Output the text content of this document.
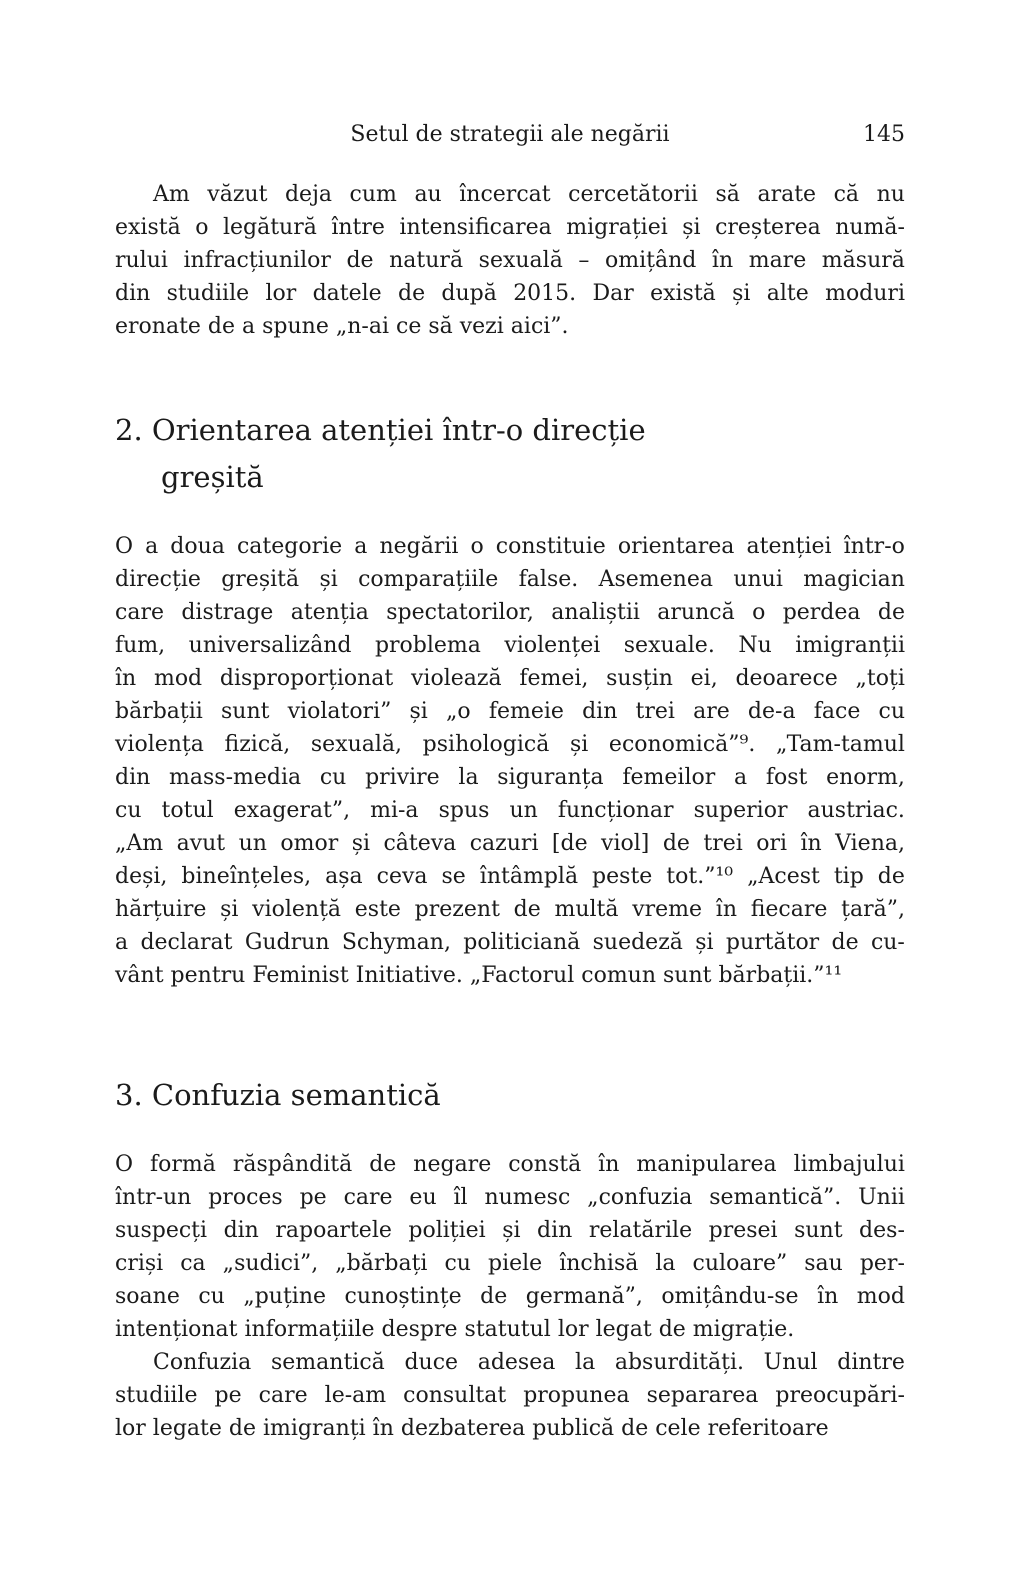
Setul de strategii ale negării	145
Am văzut deja cum au încercat cercetătorii să arate că nu
există o legătură între intensificarea migrației și creșterea numă-
rului infracțiunilor de natură sexuală – omițând în mare măsură
din studiile lor datele de după 2015. Dar există și alte moduri
eronate de a spune „n-ai ce să vezi aici”.
2. Orientarea atenției într-o direcție
greșită
O a doua categorie a negării o constituie orientarea atenției într-o
direcție greșită și comparațiile false. Asemenea unui magician
care distrage atenția spectatorilor, analiștii aruncă o perdea de
fum, universalizând problema violenței sexuale. Nu imigranții
în mod disproporționat violează femei, susțin ei, deoarece „toți
bărbații sunt violatori” și „o femeie din trei are de-a face cu
violența fizică, sexuală, psihologică și economică”⁹. „Tam-tamul
din mass-media cu privire la siguranța femeilor a fost enorm,
cu totul exagerat”, mi-a spus un funcționar superior austriac.
„Am avut un omor și câteva cazuri [de viol] de trei ori în Viena,
deși, bineînțeles, așa ceva se întâmplă peste tot.”¹⁰ „Acest tip de
hărțuire și violență este prezent de multă vreme în fiecare țară”,
a declarat Gudrun Schyman, politiciană suedeză și purtător de cu-
vânt pentru Feminist Initiative. „Factorul comun sunt bărbații.”¹¹
3. Confuzia semantică
O formă răspândită de negare constă în manipularea limbajului
într-un proces pe care eu îl numesc „confuzia semantică”. Unii
suspecți din rapoartele poliției și din relatările presei sunt des-
criși ca „sudici”, „bărbați cu piele închisă la culoare” sau per-
soane cu „puține cunoștințe de germană”, omițându-se în mod
intenționat informațiile despre statutul lor legat de migrație.
Confuzia semantică duce adesea la absurdități. Unul dintre
studiile pe care le-am consultat propunea separarea preocupări-
lor legate de imigranți în dezbaterea publică de cele referitoare
